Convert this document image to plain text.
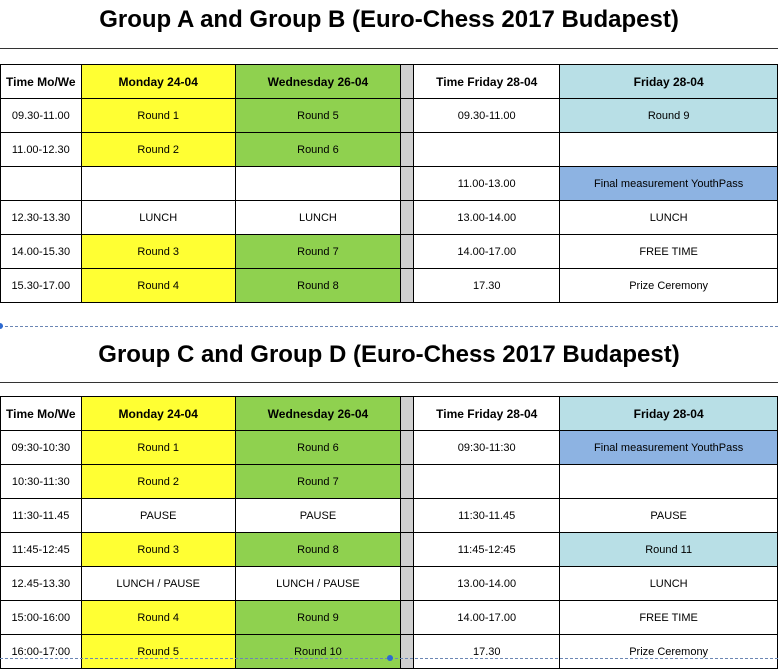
Group A and Group B (Euro-Chess 2017 Budapest)
Time Mo/We	Monday 24-04	Wednesday 26-04		Time Friday 28-04	Friday 28-04
09.30-11.00	Round 1	Round 5		09.30-11.00	Round 9
11.00-12.30	Round 2	Round 6			
				11.00-13.00	Final measurement YouthPass
12.30-13.30	LUNCH	LUNCH		13.00-14.00	LUNCH
14.00-15.30	Round 3	Round 7		14.00-17.00	FREE TIME
15.30-17.00	Round 4	Round 8		17.30	Prize Ceremony
Group C and Group D (Euro-Chess 2017 Budapest)
Time Mo/We	Monday 24-04	Wednesday 26-04		Time Friday 28-04	Friday 28-04
09:30-10:30	Round 1	Round 6		09:30-11:30	Final measurement YouthPass
10:30-11:30	Round 2	Round 7			
11:30-11.45	PAUSE	PAUSE		11:30-11.45	PAUSE
11:45-12:45	Round 3	Round 8		11:45-12:45	Round 11
12.45-13.30	LUNCH / PAUSE	LUNCH / PAUSE		13.00-14.00	LUNCH
15:00-16:00	Round 4	Round 9		14.00-17.00	FREE TIME
16:00-17:00	Round 5	Round 10		17.30	Prize Ceremony
